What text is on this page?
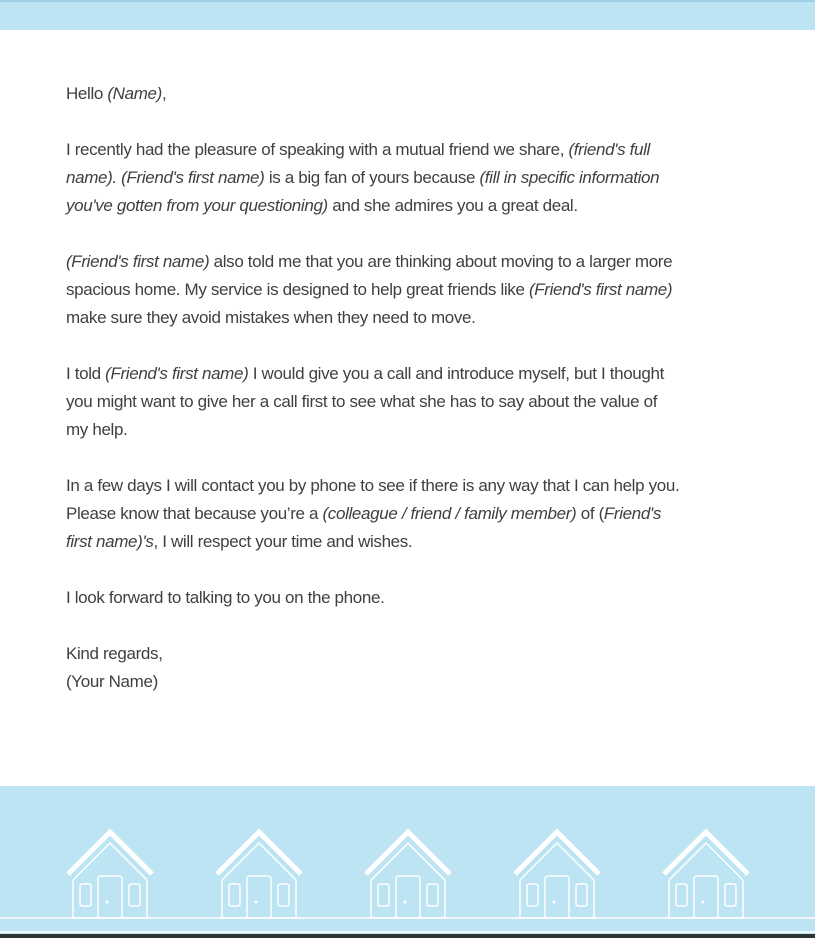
Hello (Name),

I recently had the pleasure of speaking with a mutual friend we share, (friend's full
name). (Friend's first name) is a big fan of yours because (fill in specific information
you've gotten from your questioning) and she admires you a great deal.

(Friend's first name) also told me that you are thinking about moving to a larger more
spacious home. My service is designed to help great friends like (Friend's first name)
make sure they avoid mistakes when they need to move.

I told (Friend's first name) I would give you a call and introduce myself, but I thought
you might want to give her a call first to see what she has to say about the value of
my help.

In a few days I will contact you by phone to see if there is any way that I can help you.
Please know that because you’re a (colleague / friend / family member) of (Friend's
first name)'s, I will respect your time and wishes.

I look forward to talking to you on the phone.

Kind regards,
(Your Name)
